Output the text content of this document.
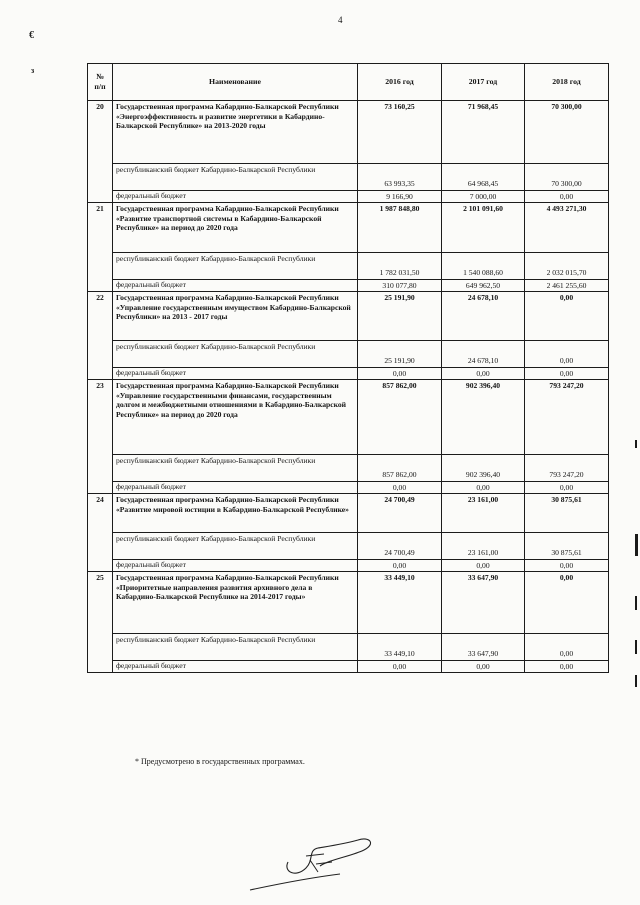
4
€
з
№
п/п	Наименование	2016 год	2017 год	2018 год
20	Государственная программа Кабардино-Балкарской Республики «Энергоэффективность и развитие энергетики в Кабардино-Балкарской Республике» на 2013-2020 годы	73 160,25	71 968,45	70 300,00
	республиканский бюджет Кабардино-Балкарской Республики	63 993,35	64 968,45	70 300,00
	федеральный бюджет	9 166,90	7 000,00	0,00
21	Государственная программа Кабардино-Балкарской Республики «Развитие транспортной системы в Кабардино-Балкарской Республике» на период до 2020 года	1 987 848,80	2 101 091,60	4 493 271,30
	республиканский бюджет Кабардино-Балкарской Республики	1 782 031,50	1 540 088,60	2 032 015,70
	федеральный бюджет	310 077,80	649 962,50	2 461 255,60
22	Государственная программа Кабардино-Балкарской Республики «Управление государственным имуществом Кабардино-Балкарской Республики» на 2013 - 2017 годы	25 191,90	24 678,10	0,00
	республиканский бюджет Кабардино-Балкарской Республики	25 191,90	24 678,10	0,00
	федеральный бюджет	0,00	0,00	0,00
23	Государственная программа Кабардино-Балкарской Республики «Управление государственными финансами, государственным долгом и межбюджетными отношениями в Кабардино-Балкарской Республике» на период до 2020 года	857 862,00	902 396,40	793 247,20
	республиканский бюджет Кабардино-Балкарской Республики	857 862,00	902 396,40	793 247,20
	федеральный бюджет	0,00	0,00	0,00
24	Государственная программа Кабардино-Балкарской Республики «Развитие мировой юстиции в Кабардино-Балкарской Республике»	24 700,49	23 161,00	30 875,61
	республиканский бюджет Кабардино-Балкарской Республики	24 700,49	23 161,00	30 875,61
	федеральный бюджет	0,00	0,00	0,00
25	Государственная программа Кабардино-Балкарской Республики «Приоритетные направления развития архивного дела в Кабардино-Балкарской Республике на 2014-2017 годы»	33 449,10	33 647,90	0,00
	республиканский бюджет Кабардино-Балкарской Республики	33 449,10	33 647,90	0,00
	федеральный бюджет	0,00	0,00	0,00
* Предусмотрено в государственных программах.
